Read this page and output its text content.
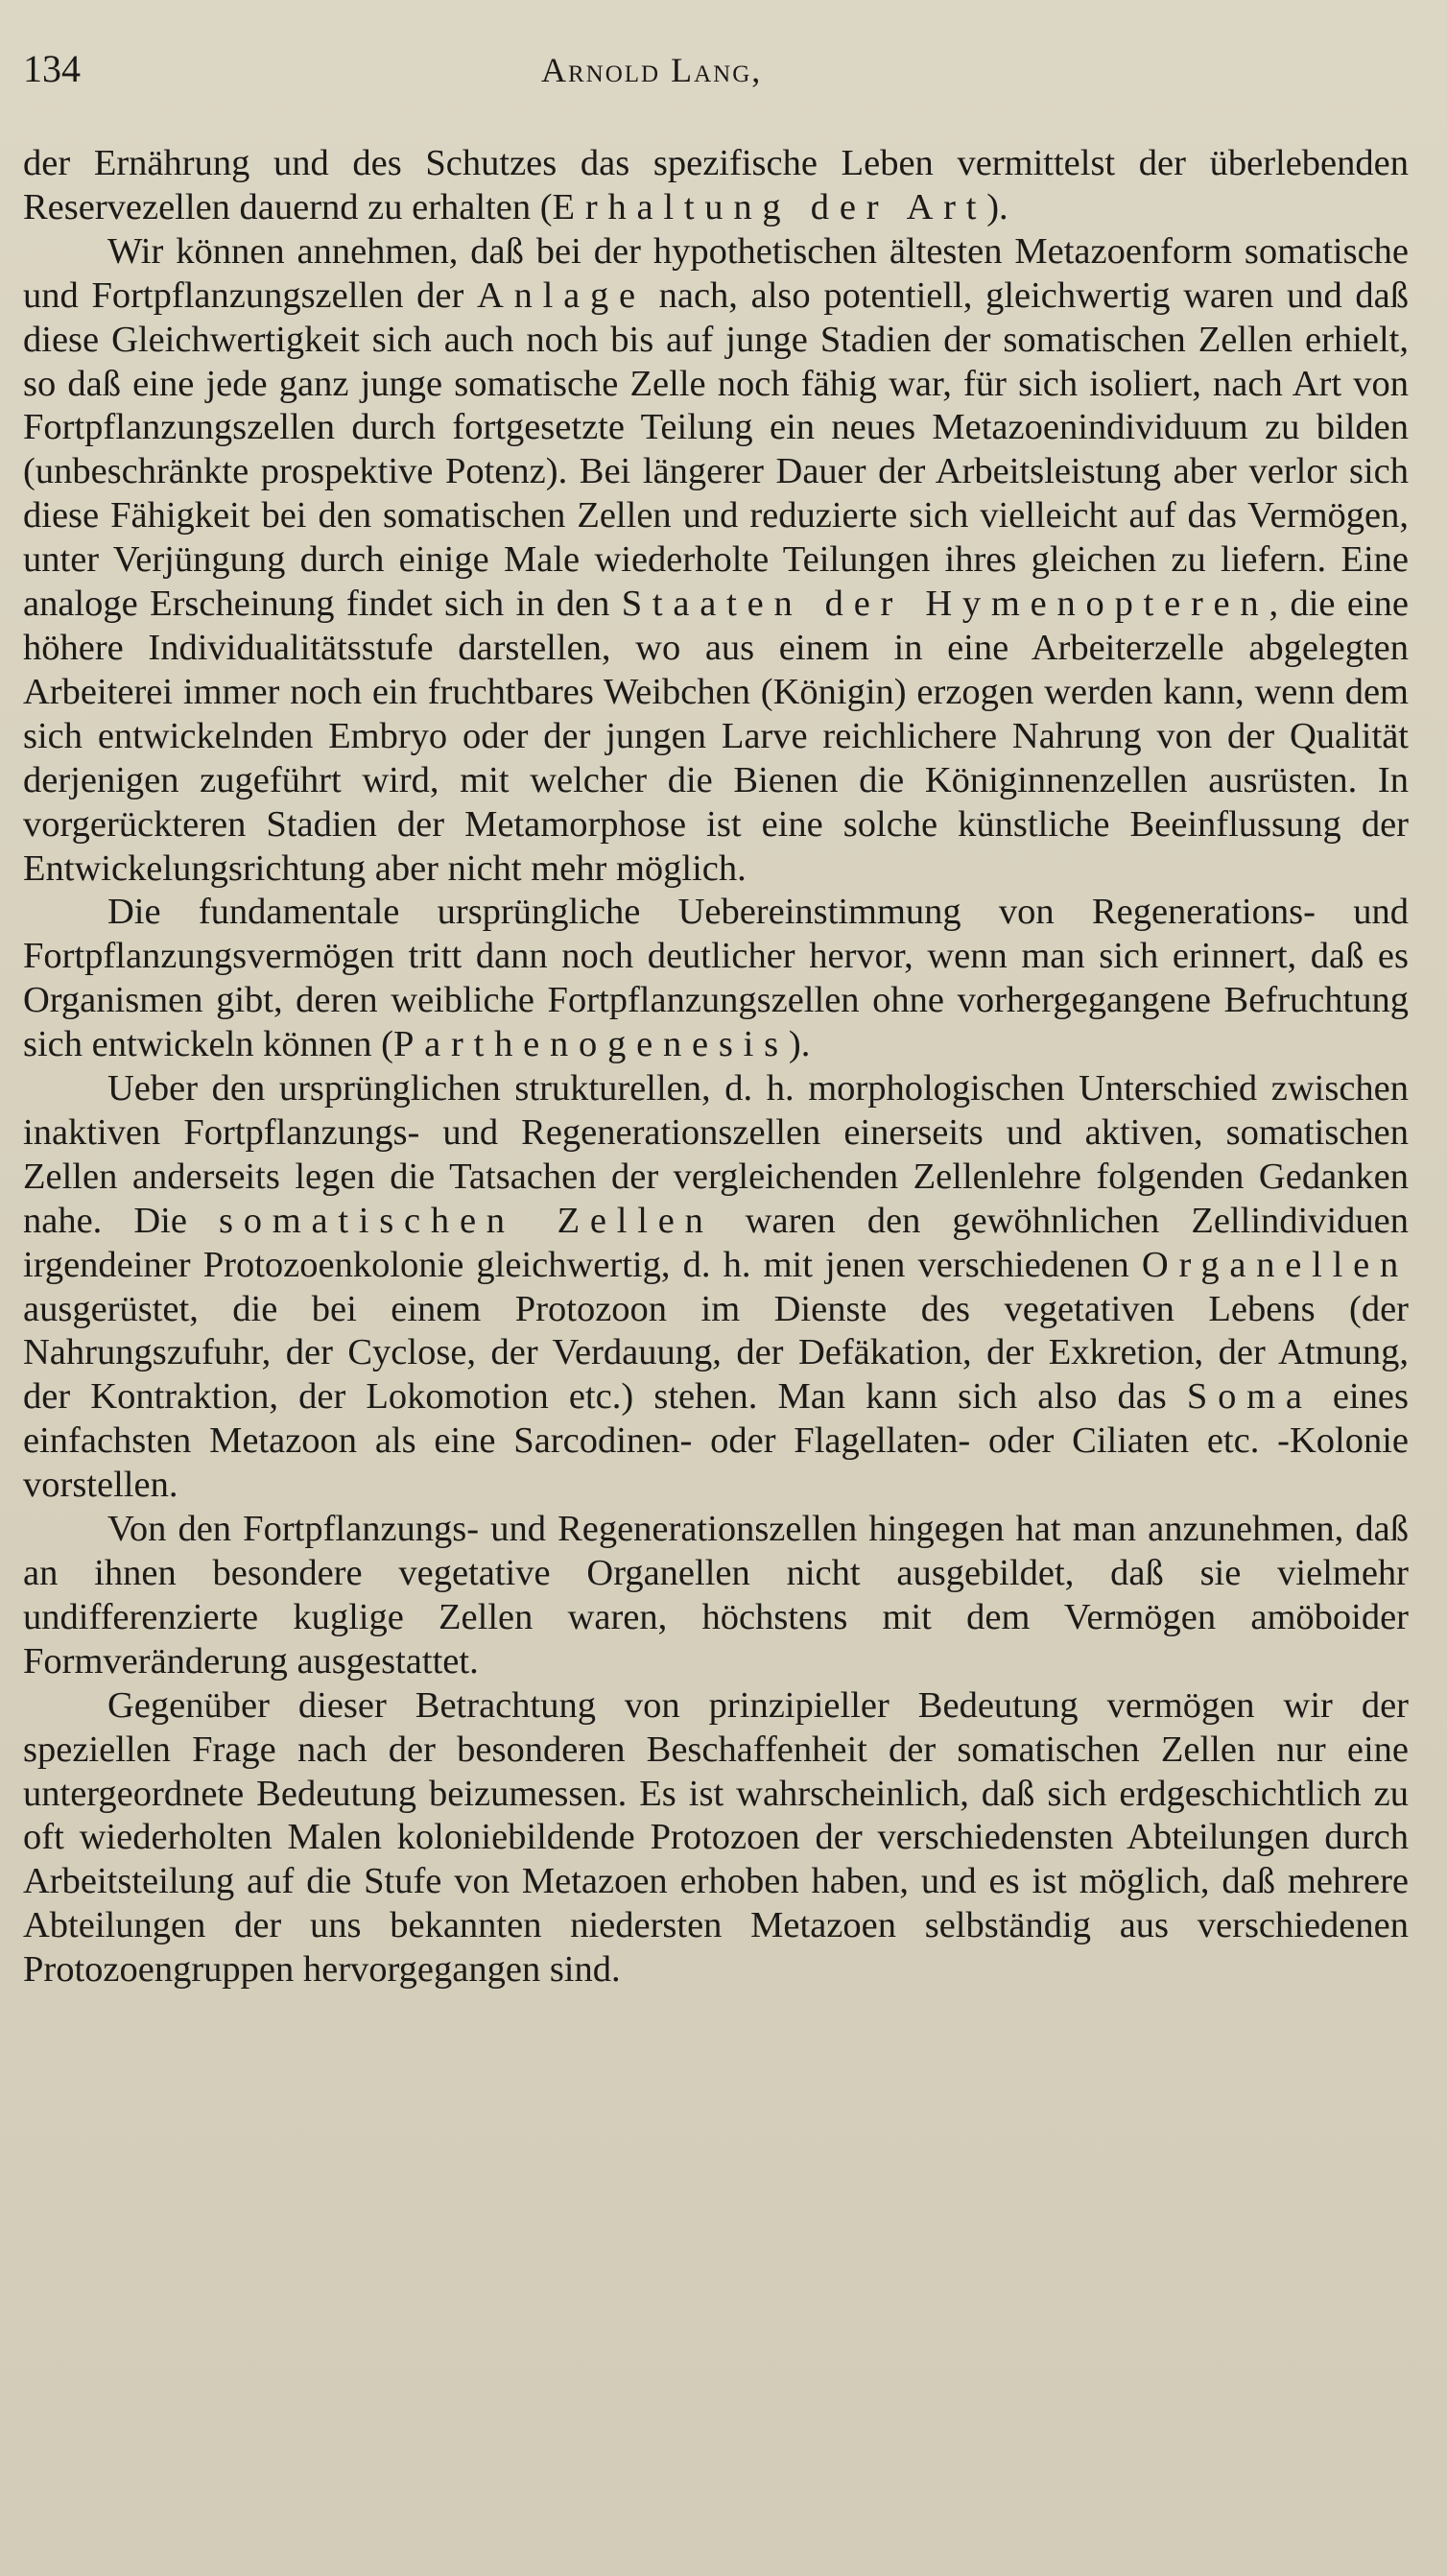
134	Arnold Lang,

der Ernährung und des Schutzes das spezifische Leben vermittelst der überlebenden Reservezellen dauernd zu erhalten (Erhaltung der Art).

Wir können annehmen, daß bei der hypothetischen ältesten Metazoenform somatische und Fortpflanzungszellen der Anlage nach, also potentiell, gleichwertig waren und daß diese Gleichwertigkeit sich auch noch bis auf junge Stadien der somatischen Zellen erhielt, so daß eine jede ganz junge somatische Zelle noch fähig war, für sich isoliert, nach Art von Fortpflanzungszellen durch fortgesetzte Teilung ein neues Metazoenindividuum zu bilden (unbeschränkte prospektive Potenz). Bei längerer Dauer der Arbeitsleistung aber verlor sich diese Fähigkeit bei den somatischen Zellen und reduzierte sich vielleicht auf das Vermögen, unter Verjüngung durch einige Male wiederholte Teilungen ihres gleichen zu liefern. Eine analoge Erscheinung findet sich in den Staaten der Hymenopteren, die eine höhere Individualitätsstufe darstellen, wo aus einem in eine Arbeiterzelle abgelegten Arbeiterei immer noch ein fruchtbares Weibchen (Königin) erzogen werden kann, wenn dem sich entwickelnden Embryo oder der jungen Larve reichlichere Nahrung von der Qualität derjenigen zugeführt wird, mit welcher die Bienen die Königinnenzellen ausrüsten. In vorgerückteren Stadien der Metamorphose ist eine solche künstliche Beeinflussung der Entwickelungsrichtung aber nicht mehr möglich.

Die fundamentale ursprüngliche Uebereinstimmung von Regenerations- und Fortpflanzungsvermögen tritt dann noch deutlicher hervor, wenn man sich erinnert, daß es Organismen gibt, deren weibliche Fortpflanzungszellen ohne vorhergegangene Befruchtung sich entwickeln können (Parthenogenesis).

Ueber den ursprünglichen strukturellen, d. h. morphologischen Unterschied zwischen inaktiven Fortpflanzungs- und Regenerationszellen einerseits und aktiven, somatischen Zellen anderseits legen die Tatsachen der vergleichenden Zellenlehre folgenden Gedanken nahe. Die somatischen Zellen waren den gewöhnlichen Zellindividuen irgendeiner Protozoenkolonie gleichwertig, d. h. mit jenen verschiedenen Organellen ausgerüstet, die bei einem Protozoon im Dienste des vegetativen Lebens (der Nahrungszufuhr, der Cyclose, der Verdauung, der Defäkation, der Exkretion, der Atmung, der Kontraktion, der Lokomotion etc.) stehen. Man kann sich also das Soma eines einfachsten Metazoon als eine Sarcodinen- oder Flagellaten- oder Ciliaten etc. -Kolonie vorstellen.

Von den Fortpflanzungs- und Regenerationszellen hingegen hat man anzunehmen, daß an ihnen besondere vegetative Organellen nicht ausgebildet, daß sie vielmehr undifferenzierte kuglige Zellen waren, höchstens mit dem Vermögen amöboider Formveränderung ausgestattet.

Gegenüber dieser Betrachtung von prinzipieller Bedeutung vermögen wir der speziellen Frage nach der besonderen Beschaffenheit der somatischen Zellen nur eine untergeordnete Bedeutung beizumessen. Es ist wahrscheinlich, daß sich erdgeschichtlich zu oft wiederholten Malen koloniebildende Protozoen der verschiedensten Abteilungen durch Arbeitsteilung auf die Stufe von Metazoen erhoben haben, und es ist möglich, daß mehrere Abteilungen der uns bekannten niedersten Metazoen selbständig aus verschiedenen Protozoengruppen hervorgegangen sind.
